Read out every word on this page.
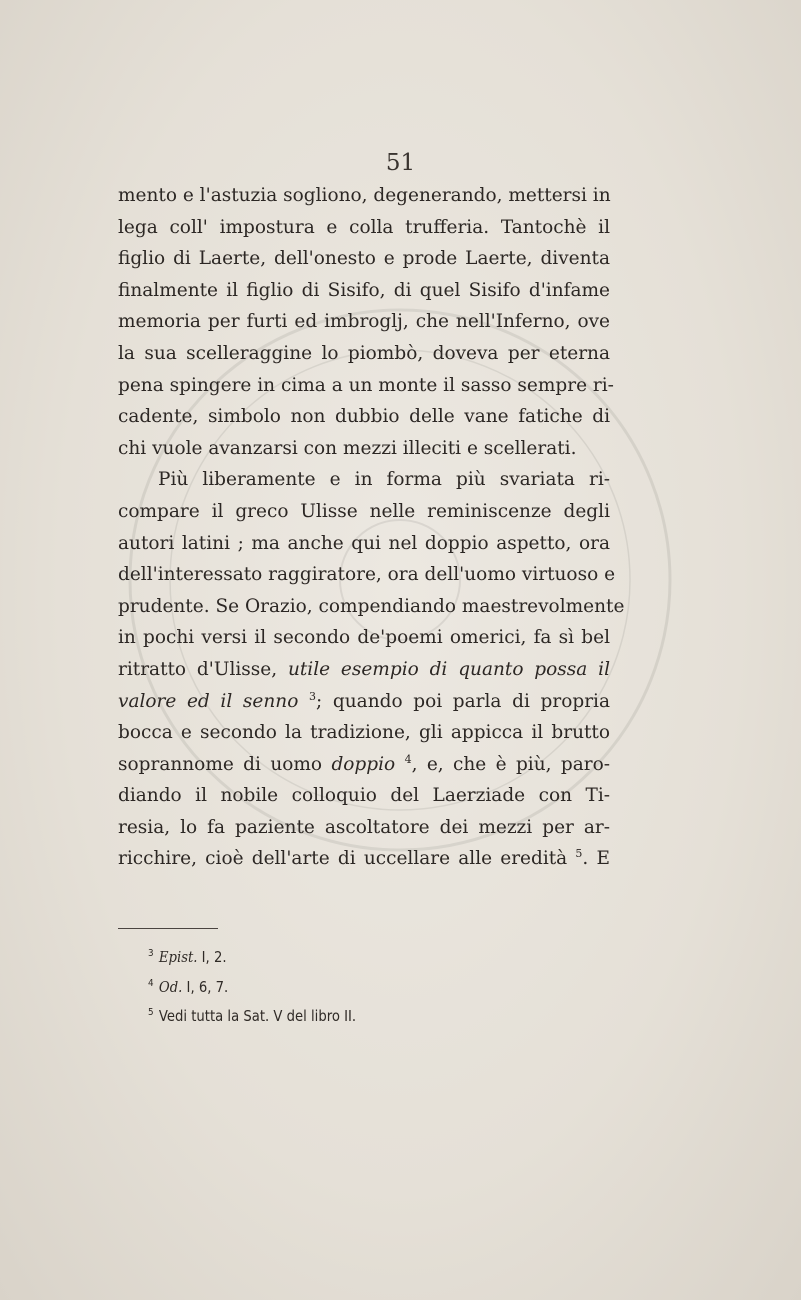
51
mento e l'astuzia sogliono, degenerando, mettersi in
lega coll' impostura e colla trufferia. Tantochè il
figlio di Laerte, dell'onesto e prode Laerte, diventa
finalmente il figlio di Sisifo, di quel Sisifo d'infame
memoria per furti ed imbroglj, che nell'Inferno, ove
la sua scelleraggine lo piombò, doveva per eterna
pena spingere in cima a un monte il sasso sempre ri-
cadente, simbolo non dubbio delle vane fatiche di
chi vuole avanzarsi con mezzi illeciti e scellerati.
Più liberamente e in forma più svariata ri-
compare il greco Ulisse nelle reminiscenze degli
autori latini ; ma anche qui nel doppio aspetto, ora
dell'interessato raggiratore, ora dell'uomo virtuoso e
prudente. Se Orazio, compendiando maestrevolmente
in pochi versi il secondo de'poemi omerici, fa sì bel
ritratto d'Ulisse, utile esempio di quanto possa il
valore ed il senno $^3$; quando poi parla di propria
bocca e secondo la tradizione, gli appicca il brutto
soprannome di uomo doppio $^4$, e, che è più, paro-
diando il nobile colloquio del Laerziade con Ti-
resia, lo fa paziente ascoltatore dei mezzi per ar-
ricchire, cioè dell'arte di uccellare alle eredità $^5$. E
$^3$ Epist. I, 2.
$^4$ Od. I, 6, 7.
$^5$ Vedi tutta la Sat. V del libro II.
